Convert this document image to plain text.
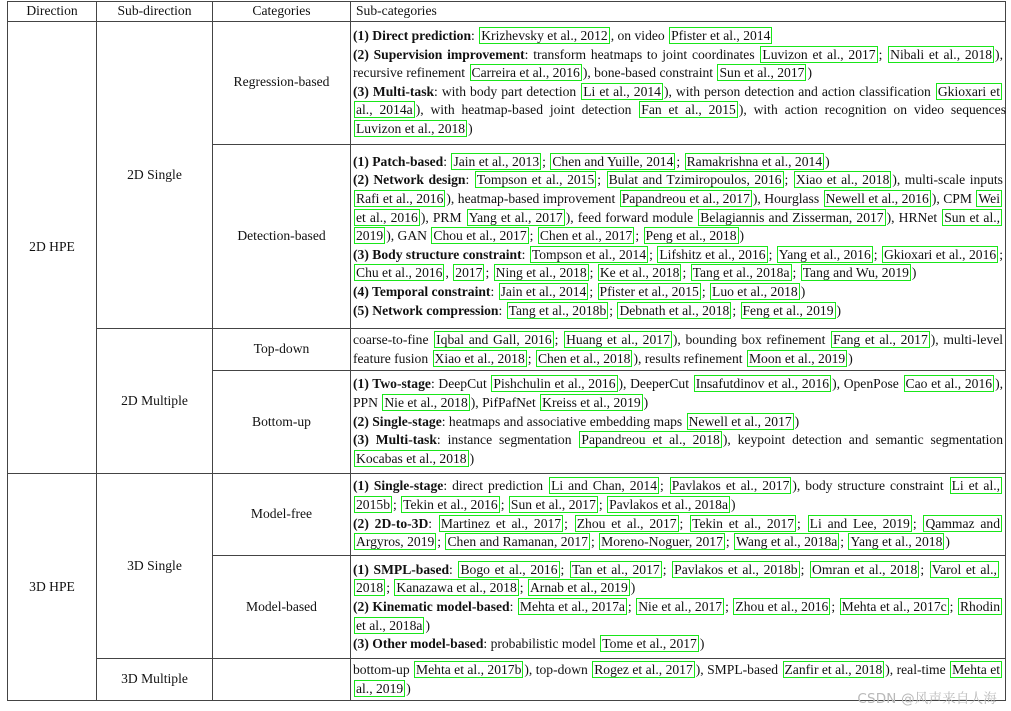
Direction	Sub-direction	Categories	Sub-categories
2D HPE	2D Single	Regression-based	(1) Direct prediction: Krizhevsky et al., 2012 , on video Pfister et al., 2014
(2) Supervision improvement: transform heatmaps to joint coordinates Luvizon et al., 2017 ; Nibali et al., 2018 ), recursive refinement Carreira et al., 2016 ), bone-based constraint Sun et al., 2017 )
(3) Multi-task: with body part detection Li et al., 2014 ), with person detection and action classification Gkioxari et al., 2014a ), with heatmap-based joint detection Fan et al., 2015 ), with action recognition on video sequences Luvizon et al., 2018 )

		Detection-based	(1) Patch-based: Jain et al., 2013 ; Chen and Yuille, 2014 ; Ramakrishna et al., 2014 )
(2) Network design: Tompson et al., 2015 ; Bulat and Tzimiropoulos, 2016 ; Xiao et al., 2018 ), multi-scale inputs Rafi et al., 2016 ), heatmap-based improvement Papandreou et al., 2017 ), Hourglass Newell et al., 2016 ), CPM Wei et al., 2016 ), PRM Yang et al., 2017 ), feed forward module Belagiannis and Zisserman, 2017 ), HRNet Sun et al., 2019 ), GAN Chou et al., 2017 ; Chen et al., 2017 ; Peng et al., 2018 )
(3) Body structure constraint: Tompson et al., 2014 ; Lifshitz et al., 2016 ; Yang et al., 2016 ; Gkioxari et al., 2016 ; Chu et al., 2016 , 2017 ; Ning et al., 2018 ; Ke et al., 2018 ; Tang et al., 2018a ; Tang and Wu, 2019 )
(4) Temporal constraint: Jain et al., 2014 ; Pfister et al., 2015 ; Luo et al., 2018 )
(5) Network compression: Tang et al., 2018b ; Debnath et al., 2018 ; Feng et al., 2019 )

	2D Multiple	Top-down	coarse-to-fine Iqbal and Gall, 2016 ; Huang et al., 2017 ), bounding box refinement Fang et al., 2017 ), multi-level feature fusion Xiao et al., 2018 ; Chen et al., 2018 ), results refinement Moon et al., 2019 )

		Bottom-up	(1) Two-stage: DeepCut Pishchulin et al., 2016 ), DeeperCut Insafutdinov et al., 2016 ), OpenPose Cao et al., 2016 ), PPN Nie et al., 2018 ), PifPafNet Kreiss et al., 2019 )
(2) Single-stage: heatmaps and associative embedding maps Newell et al., 2017 )
(3) Multi-task: instance segmentation Papandreou et al., 2018 ), keypoint detection and semantic segmentation Kocabas et al., 2018 )

3D HPE	3D Single	Model-free	(1) Single-stage: direct prediction Li and Chan, 2014 ; Pavlakos et al., 2017 ), body structure constraint Li et al., 2015b ; Tekin et al., 2016 ; Sun et al., 2017 ; Pavlakos et al., 2018a )
(2) 2D-to-3D: Martinez et al., 2017 ; Zhou et al., 2017 ; Tekin et al., 2017 ; Li and Lee, 2019 ; Qammaz and Argyros, 2019 ; Chen and Ramanan, 2017 ; Moreno-Noguer, 2017 ; Wang et al., 2018a ; Yang et al., 2018 )

		Model-based	(1) SMPL-based: Bogo et al., 2016 ; Tan et al., 2017 ; Pavlakos et al., 2018b ; Omran et al., 2018 ; Varol et al., 2018 ; Kanazawa et al., 2018 ; Arnab et al., 2019 )
(2) Kinematic model-based: Mehta et al., 2017a ; Nie et al., 2017 ; Zhou et al., 2016 ; Mehta et al., 2017c ; Rhodin et al., 2018a )
(3) Other model-based: probabilistic model Tome et al., 2017 )

	3D Multiple		bottom-up Mehta et al., 2017b ), top-down Rogez et al., 2017 ), SMPL-based Zanfir et al., 2018 ), real-time Mehta et al., 2019 )
CSDN @风声来自人海
